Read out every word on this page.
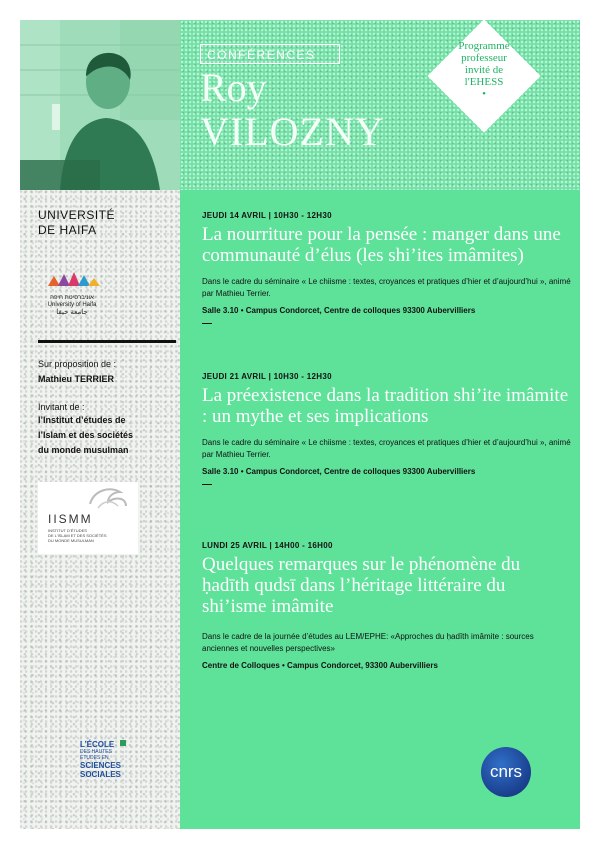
CONFÉRENCES
Roy
VILOZNY
Programme
professeur
invité de
l'EHESS
•
JEUDI 14 AVRIL | 10H30 - 12H30
La nourriture pour la pensée : manger dans une communauté d’élus (les shi’ites imâmites)
Dans le cadre du séminaire « Le chiisme : textes, croyances et pratiques d’hier et d’aujourd’hui », animé par Mathieu Terrier.
Salle 3.10 • Campus Condorcet, Centre de colloques 93300 Aubervilliers
—
JEUDI 21 AVRIL | 10H30 - 12H30
La préexistence dans la tradition shi’ite imâmite : un mythe et ses implications
Dans le cadre du séminaire « Le chiisme : textes, croyances et pratiques d’hier et d’aujourd’hui », animé par Mathieu Terrier.
Salle 3.10 • Campus Condorcet, Centre de colloques 93300 Aubervilliers
—
LUNDI 25 AVRIL | 14H00 - 16H00
Quelques remarques sur le phénomène du ḥadīth qudsī dans l’héritage littéraire du shi’isme imâmite
Dans le cadre de la journée d’études au LEM/EPHE: «Approches du ḥadīth imâmite : sources anciennes et nouvelles perspectives»
Centre de Colloques • Campus Condorcet, 93300 Aubervilliers
UNIVERSITÉ
DE HAIFA
אוניברסיטת חיפה
University of Haifa
جامعة حيفا
Sur proposition de :
Mathieu TERRIER
Invitant de :
l’Institut d’études de
l’Islam et des sociétés
du monde musulman
IISMM
INSTITUT D'ÉTUDES
DE L'ISLAM ET DES SOCIÉTÉS
DU MONDE MUSULMAN
L’ÉCOLE
DES HAUTES
ÉTUDES EN
SCIENCES
SOCIALES	cnrs
